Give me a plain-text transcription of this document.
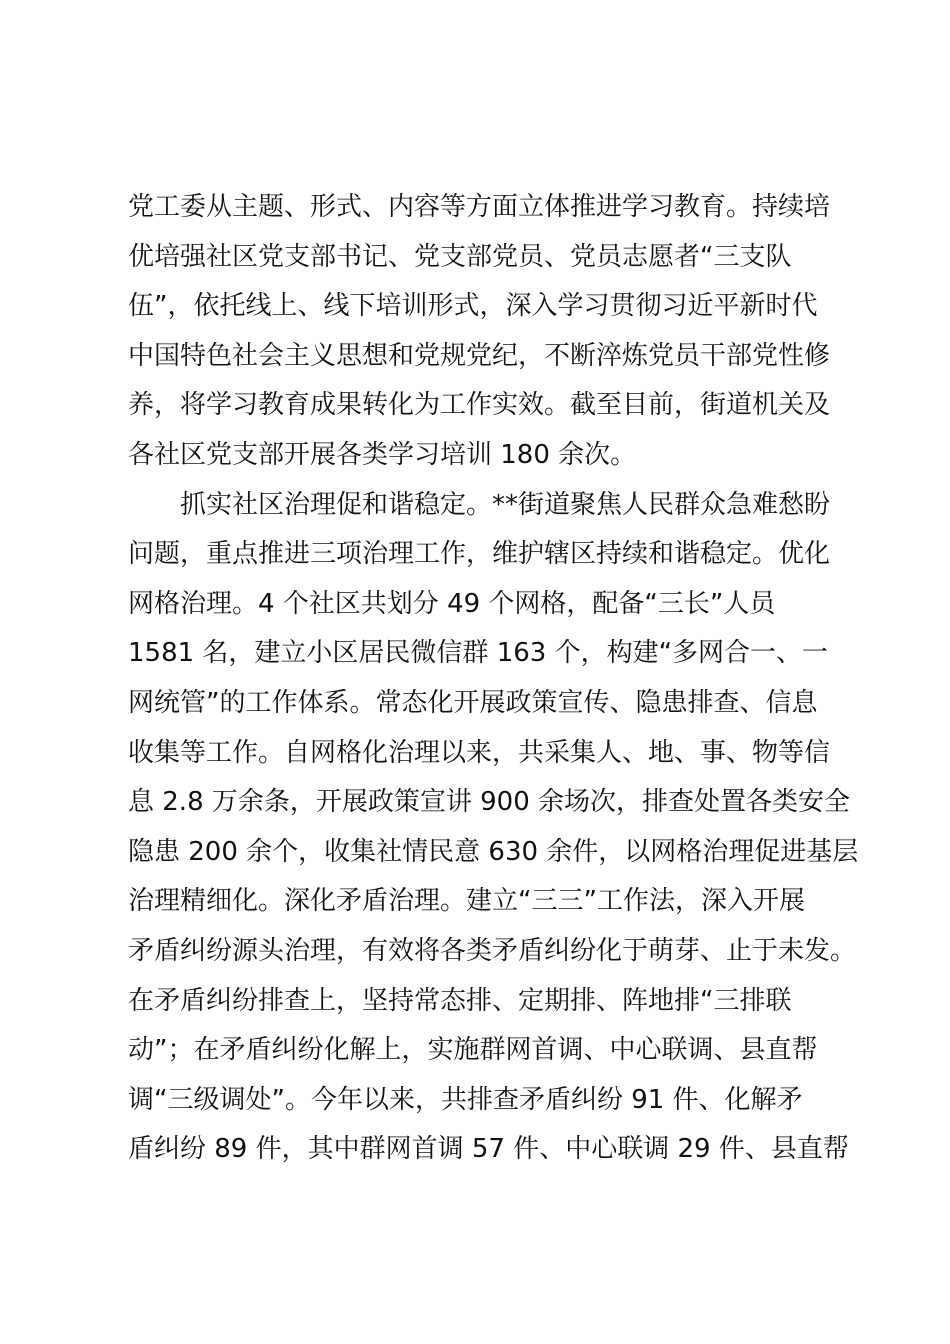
党工委从主题、形式、内容等方面立体推进学习教育。持续培
优培强社区党支部书记、党支部党员、党员志愿者“三支队
伍”，依托线上、线下培训形式，深入学习贯彻习近平新时代
中国特色社会主义思想和党规党纪，不断淬炼党员干部党性修
养，将学习教育成果转化为工作实效。截至目前，街道机关及
各社区党支部开展各类学习培训 180 余次。
抓实社区治理促和谐稳定。**街道聚焦人民群众急难愁盼
问题，重点推进三项治理工作，维护辖区持续和谐稳定。优化
网格治理。4 个社区共划分 49 个网格，配备“三长”人员
1581 名，建立小区居民微信群 163 个，构建“多网合一、一
网统管”的工作体系。常态化开展政策宣传、隐患排查、信息
收集等工作。自网格化治理以来，共采集人、地、事、物等信
息 2.8 万余条，开展政策宣讲 900 余场次，排查处置各类安全
隐患 200 余个，收集社情民意 630 余件，以网格治理促进基层
治理精细化。深化矛盾治理。建立“三三”工作法，深入开展
矛盾纠纷源头治理，有效将各类矛盾纠纷化于萌芽、止于未发。
在矛盾纠纷排查上，坚持常态排、定期排、阵地排“三排联
动”；在矛盾纠纷化解上，实施群网首调、中心联调、县直帮
调“三级调处”。今年以来，共排查矛盾纠纷 91 件、化解矛
盾纠纷 89 件，其中群网首调 57 件、中心联调 29 件、县直帮
